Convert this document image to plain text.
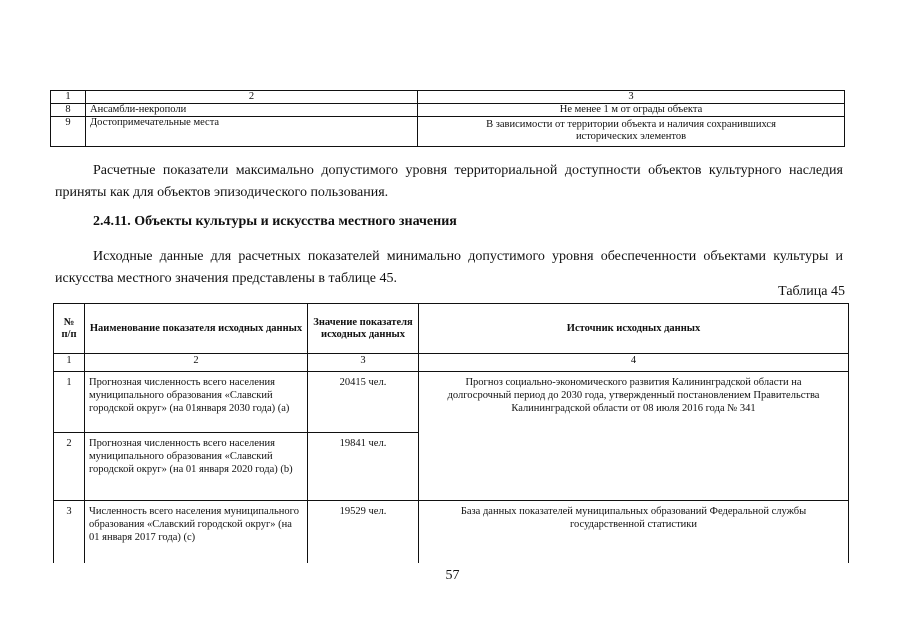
1	2	3
8	Ансамбли-некрополи	Не менее 1 м от ограды объекта
9	Достопримечательные места	В зависимости от территории объекта и наличия сохранившихся исторических элементов

Расчетные показатели максимально допустимого уровня территориальной доступности объектов культурного наследия приняты как для объектов эпизодического пользования.

2.4.11. Объекты культуры и искусства местного значения

Исходные данные для расчетных показателей минимально допустимого уровня обеспеченности объектами культуры и искусства местного значения представлены в таблице 45.

Таблица 45

№ п/п	Наименование показателя исходных данных	Значение показателя исходных данных	Источник исходных данных
1	2	3	4
1	Прогнозная численность всего населения муниципального образования «Славский городской округ» (на 01января 2030 года) (a)	20415 чел.	Прогноз социально-экономического развития Калининградской области на долгосрочный период до 2030 года, утвержденный постановлением Правительства Калининградской области от 08 июля 2016 года № 341
2	Прогнозная численность всего населения муниципального образования «Славский городской округ» (на 01 января 2020 года) (b)	19841 чел.	
3	Численность всего населения муниципального образования «Славский городской округ» (на 01 января 2017 года) (c)	19529 чел.	База данных показателей муниципальных образований Федеральной службы государственной статистики

57
